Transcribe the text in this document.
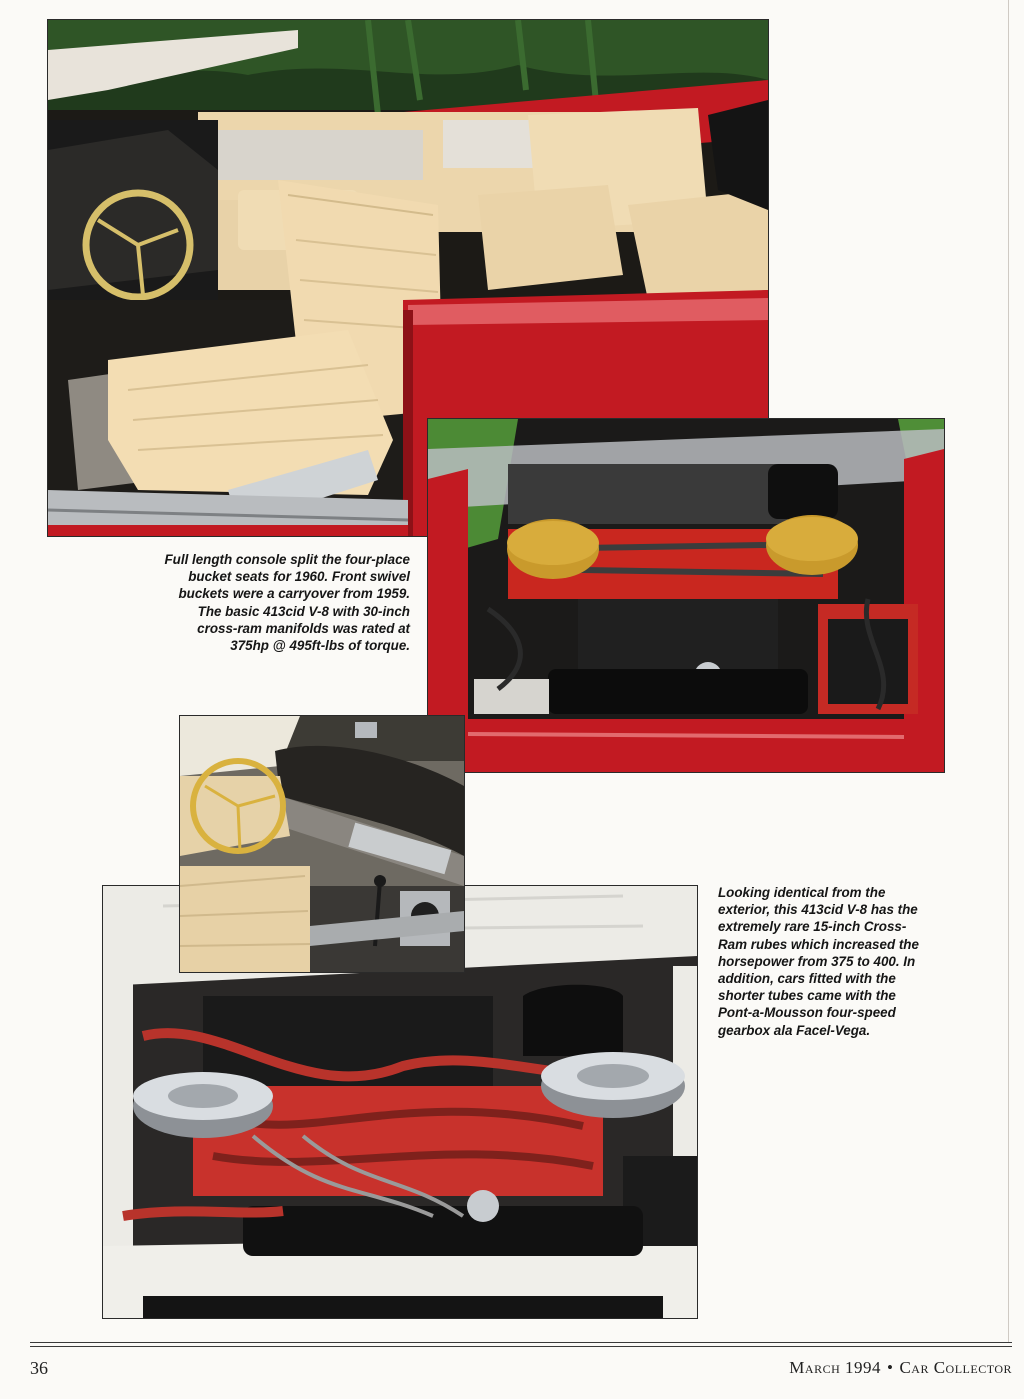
Full length console split the four-place
bucket seats for 1960. Front swivel
buckets were a carryover from 1959.
The basic 413cid V-8 with 30-inch
cross-ram manifolds was rated at
375hp @ 495ft-lbs of torque.

Looking identical from the
exterior, this 413cid V-8 has the
extremely rare 15-inch Cross-
Ram rubes which increased the
horsepower from 375 to 400. In
addition, cars fitted with the
shorter tubes came with the
Pont-a-Mousson four-speed
gearbox ala Facel-Vega.

36	March 1994 • Car Collector
